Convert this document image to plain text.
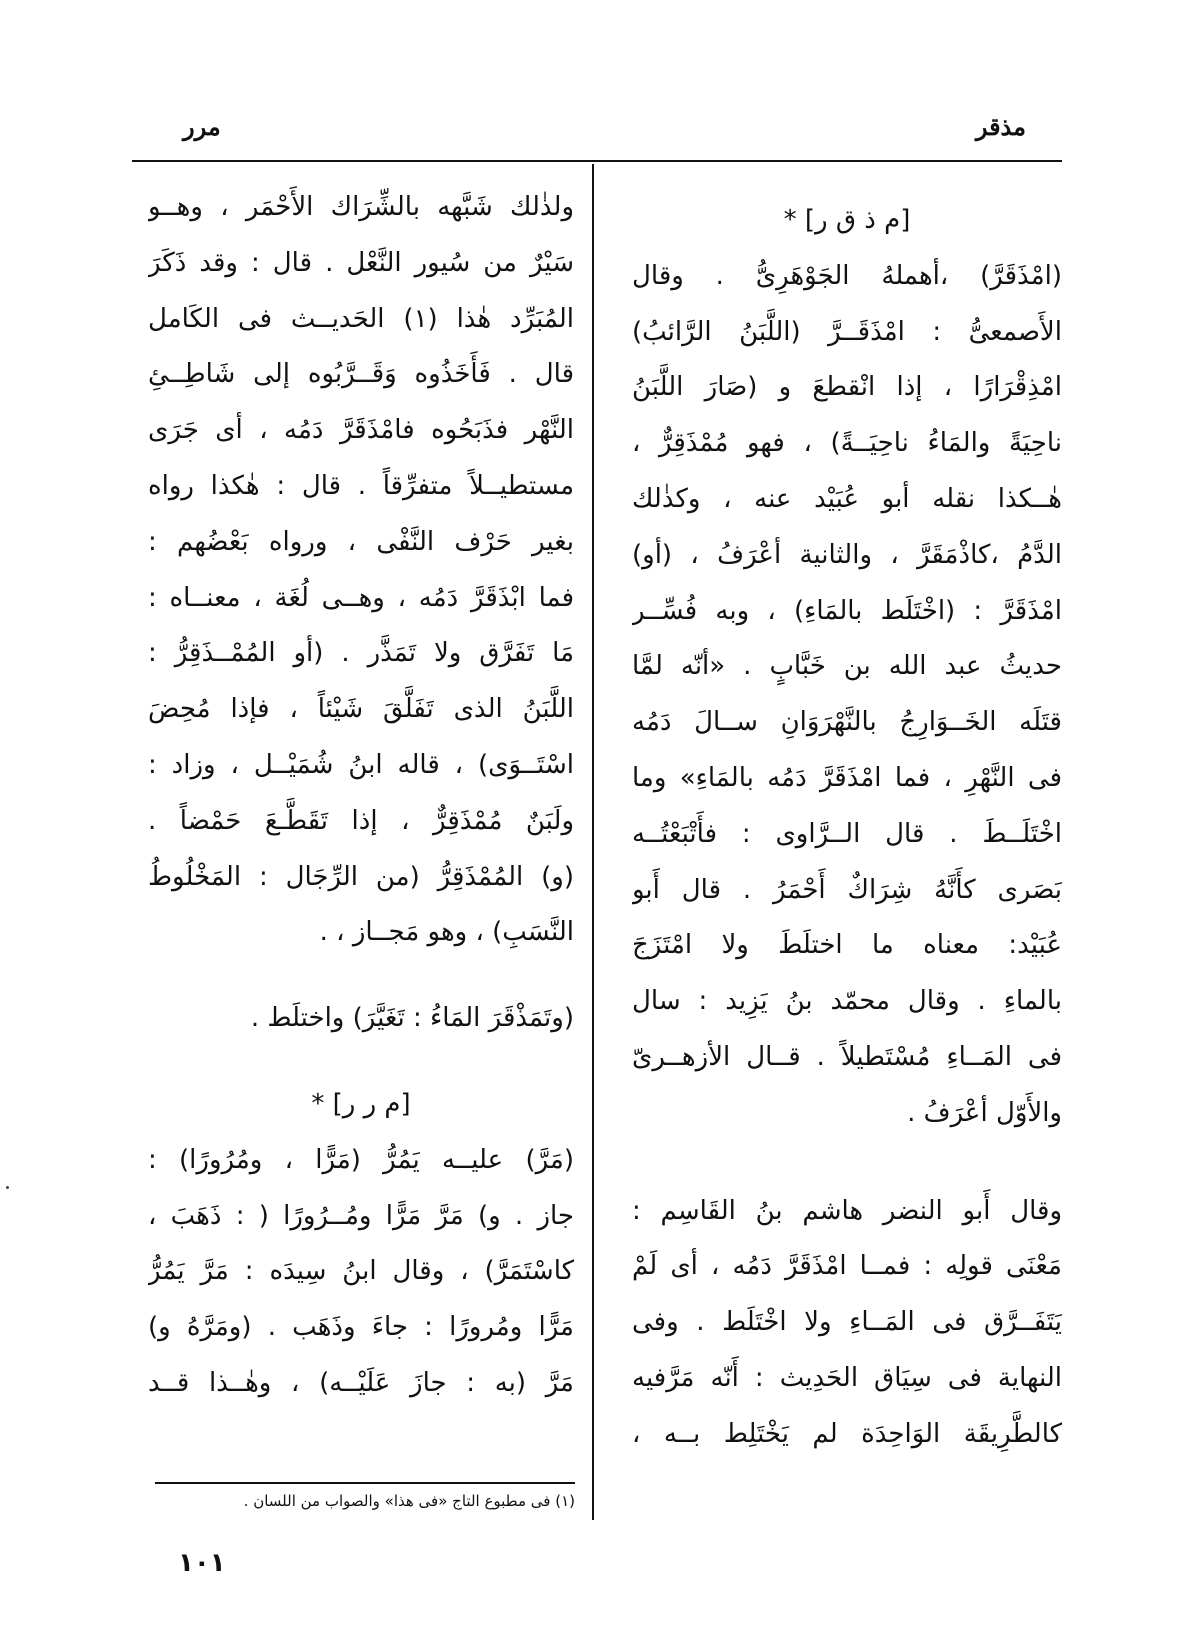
مذقر
مرر
[م ذ ق ر] *
(امْذَقَرَّ) ،أهملهُ الجَوْهَرِىُّ . وقال
الأَصمعىُّ : امْذَقَــرَّ (اللَّبَنُ الرَّائبُ)
امْذِقْرَارًا ، إذا انْقطعَ و (صَارَ اللَّبَنُ
ناحِيَةً والمَاءُ ناحِيَــةً) ، فهو مُمْذَقِرٌّ ،
هٰــكذا نقله أبو عُبَيْد عنه ، وكذٰلك
الدَّمُ ،كاذْمَقَرَّ ، والثانية أعْرَفُ ، (أو)
امْذَقَرَّ : (اخْتَلَط بالمَاءِ) ، وبه فُسِّــر
حديثُ عبد الله بن خَبَّابٍ . «أنّه لمَّا
قتَلَه الخَــوَارِجُ بالنَّهْرَوَانِ ســالَ دَمُه
فى النَّهْرِ ، فما امْذَقَرَّ دَمُه بالمَاءِ» وما
اخْتَلَــطَ . قال الــرَّاوى : فأَتْبَعْتُــه
بَصَرى كأَنَّهُ شِرَاكٌ أَحْمَرُ . قال أَبو
عُبَيْد: معناه ما اختلَطَ ولا امْتَزَجَ
بالماءِ . وقال محمّد بنُ يَزِيد : سال
فى المَــاءِ مُسْتَطيلاً . قــال الأزهــرىّ
والأَوّل أعْرَفُ .
وقال أَبو النضر هاشم بنُ القَاسِم :
مَعْنَى قولِه : فمــا امْذَقَرَّ دَمُه ، أى لَمْ
يَتَفَــرَّق فى المَــاءِ ولا اخْتَلَط . وفى
النهاية فى سِيَاق الحَدِيث : أَنّه مَرَّفيه
كالطَّرِيقَة الوَاحِدَة لم يَخْتَلِط بــه ،
ولذٰلك شَبَّهه بالشِّرَاك الأَحْمَر ، وهــو
سَيْرٌ من سُيور النَّعْل . قال : وقد ذَكَرَ
المُبَرِّد هٰذا (١) الحَديــث فى الكَامل
قال . فَأَخَذُوه وَقَــرَّبُوه إلى شَاطِــئِ
النَّهْر فذَبَحُوه فامْذَقَرَّ دَمُه ، أى جَرَى
مستطيــلاً متفرِّقاً . قال : هٰكذا رواه
بغير حَرْف النَّفْى ، ورواه بَعْضُهم :
فما ابْذَقَرَّ دَمُه ، وهــى لُغَة ، معنــاه :
مَا تَفَرَّق ولا تَمَذَّر . (أو المُمْــذَقِرُّ :
اللَّبَنُ الذى تَفَلَّقَ شَيْئاً ، فإذا مُحِضَ
اسْتَــوَى) ، قاله ابنُ شُمَيْــل ، وزاد :
ولَبَنٌ مُمْذَقِرٌّ ، إذا تَقَطَّـعَ حَمْضاً .
(و) المُمْذَقِرُّ (من الرِّجَال : المَخْلُوطُ
النَّسَبِ) ، وهو مَجــاز ، .
(وتَمَذْقَرَ المَاءُ : تَغَيَّرَ) واختلَط .
[م ر ر] *
(مَرَّ) عليــه يَمُرُّ (مَرًّا ، ومُرُورًا) :
جاز . و) مَرَّ مَرًّا ومُــرُورًا ( : ذَهَبَ ،
كاسْتَمَرَّ) ، وقال ابنُ سِيدَه : مَرَّ يَمُرُّ
مَرًّا ومُرورًا : جاءَ وذَهَب . (ومَرَّهُ و)
مَرَّ (به : جازَ عَلَيْــه) ، وهٰــذا قــد
(١) فى مطبوع التاج «فى هذا» والصواب من اللسان .
١٠١
